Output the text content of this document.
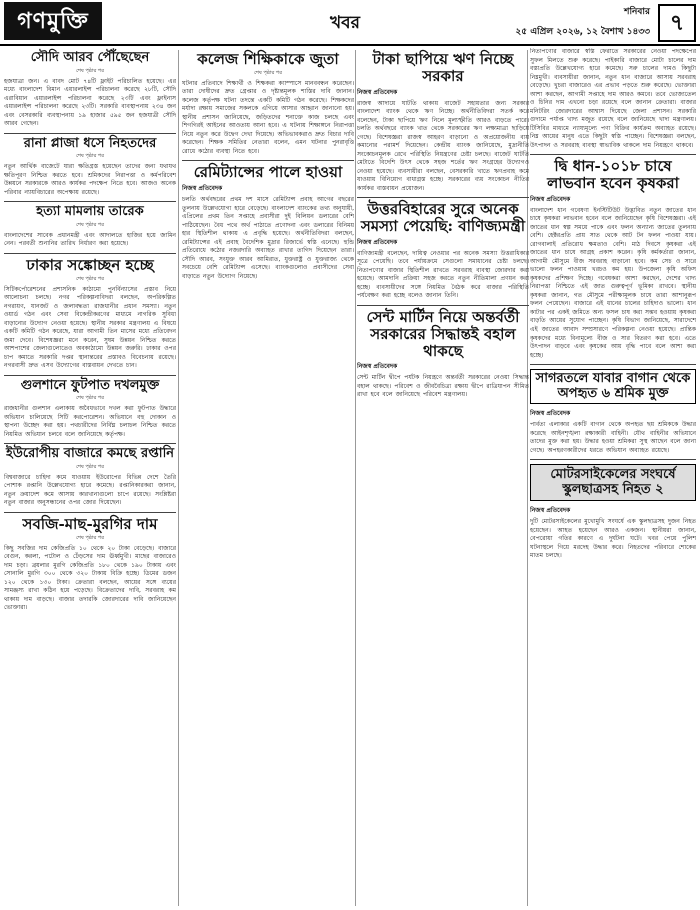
গণমুক্তি	খবর
শনিবার
২৫ এপ্রিল ২০২৬, ১২ বৈশাখ ১৪৩৩ ৭
সৌদি আরব পৌঁছেছেন
শেষ পৃষ্ঠার পর
হজযাত্রা জন। এ বাবদ মোট ৭৪টি ফ্লাইট পরিচালিত হয়েছে। এর মধ্যে বাংলাদেশ বিমান এয়ারলাইন্স পরিচালনা করেছে ২৮টি, সৌদি এরাবিয়ান এয়ারলাইন্স পরিচালনা করেছে ২৩টি এবং ফ্লাইনাস এয়ারলাইন্স পরিচালনা করেছে ২৩টি। সরকারি ব্যবস্থাপনায় ২৩৪ জন এবং বেসরকারি ব্যবস্থাপনায় ১৯ হাজার ৫৯৫ জন হজযাত্রী সৌদি আরব গেছেন।
রানা প্লাজা ধসে নিহতদের
শেষ পৃষ্ঠার পর
নতুন আর্থিক বাজেটে যারা ক্ষতিগ্রস্ত হয়েছেন তাদের জন্য যথাযথ ক্ষতিপূরণ নিশ্চিত করতে হবে। শ্রমিকদের নিরাপত্তা ও কর্মপরিবেশ উন্নয়নে সরকারকে আরও কার্যকর পদক্ষেপ নিতে হবে। আজও অনেক পরিবার ন্যায়বিচারের অপেক্ষায় রয়েছে।
হত্যা মামলায় তারেক
শেষ পৃষ্ঠার পর
বাংলাদেশের সাবেক প্রধানমন্ত্রী এবং আদালতে হাজির হয়ে জামিন নেন। পরবর্তী শুনানির তারিখ নির্ধারণ করা হয়েছে।
ঢাকার সঙ্কোচ্ছন হচ্ছে
শেষ পৃষ্ঠার পর
সিটিকর্পোরেশনের প্রশাসনিক কাঠামো পুনর্বিন্যাসের প্রস্তাব নিয়ে আলোচনা চলছে। নগর পরিকল্পনাবিদরা বলছেন, অপরিকল্পিত নগরায়ণ, যানজট ও জলাবদ্ধতা রাজধানীর প্রধান সমস্যা। নতুন ওয়ার্ড গঠন এবং সেবা বিকেন্দ্রীকরণের মাধ্যমে নাগরিক সুবিধা বাড়ানোর উদ্যোগ নেওয়া হয়েছে। স্থানীয় সরকার মন্ত্রণালয় এ বিষয়ে একটি কমিটি গঠন করেছে, যারা আগামী তিন মাসের মধ্যে প্রতিবেদন জমা দেবে। বিশেষজ্ঞরা মনে করেন, সুষম উন্নয়ন নিশ্চিত করতে আশপাশের জেলাগুলোতেও অবকাঠামো উন্নয়ন জরুরি। ঢাকার ওপর চাপ কমাতে সরকারি দপ্তর স্থানান্তরের প্রস্তাবও বিবেচনায় রয়েছে। নগরবাসী দ্রুত এসব উদ্যোগের বাস্তবায়ন দেখতে চান।
গুলশানে ফুটপাত দখলমুক্ত
শেষ পৃষ্ঠার পর
রাজধানীর গুলশান এলাকায় অবৈধভাবে দখল করা ফুটপাত উদ্ধারে অভিযান চালিয়েছে সিটি করপোরেশন। অভিযানে বহু দোকান ও স্থাপনা উচ্ছেদ করা হয়। পথচারীদের নির্বিঘ্ন চলাচল নিশ্চিত করতে নিয়মিত অভিযান চলবে বলে জানিয়েছে কর্তৃপক্ষ।
ইউরোপীয় বাজারে কমছে রপ্তানি
শেষ পৃষ্ঠার পর
বিশ্ববাজারে চাহিদা কমে যাওয়ায় ইউরোপের বিভিন্ন দেশে তৈরি পোশাক রপ্তানি উল্লেখযোগ্য হারে কমেছে। রপ্তানিকারকরা জানান, নতুন ক্রয়াদেশ কমে আসায় কারখানাগুলো চাপে রয়েছে। সংশ্লিষ্টরা নতুন বাজার অনুসন্ধানের ওপর জোর দিয়েছেন।
সবজি-মাছ-মুরগির দাম
শেষ পৃষ্ঠার পর
কিছু সবজির দাম কেজিপ্রতি ১০ থেকে ২০ টাকা বেড়েছে। বাজারে বেগুন, করলা, পটোল ও ঢেঁড়সের দাম ঊর্ধ্বমুখী। মাছের বাজারেও দাম চড়া। ব্রয়লার মুরগি কেজিপ্রতি ১৮০ থেকে ১৯০ টাকায় এবং সোনালি মুরগি ৩০০ থেকে ৩২০ টাকায় বিক্রি হচ্ছে। ডিমের ডজন ১২০ থেকে ১৩০ টাকা। ক্রেতারা বলছেন, আয়ের সঙ্গে ব্যয়ের সামঞ্জস্য রাখা কঠিন হয়ে পড়েছে। বিক্রেতাদের দাবি, সরবরাহ কম থাকায় দাম বাড়ছে। বাজার তদারকি জোরদারের দাবি জানিয়েছেন ভোক্তারা।
কলেজ শিক্ষিকাকে জুতা
শেষ পৃষ্ঠার পর
ঘটনার প্রতিবাদে শিক্ষার্থী ও শিক্ষকরা ক্যাম্পাসে মানববন্ধন করেছেন। তারা দোষীদের দ্রুত গ্রেপ্তার ও দৃষ্টান্তমূলক শাস্তির দাবি জানান। কলেজ কর্তৃপক্ষ ঘটনা তদন্তে একটি কমিটি গঠন করেছে। শিক্ষকদের মর্যাদা রক্ষায় সমাজের সকলকে এগিয়ে আসার আহ্বান জানানো হয়। স্থানীয় প্রশাসন জানিয়েছে, জড়িতদের শনাক্তে কাজ চলছে এবং শিগগিরই আইনের আওতায় আনা হবে। এ ঘটনায় শিক্ষাঙ্গনে নিরাপত্তা নিয়ে নতুন করে উদ্বেগ দেখা দিয়েছে। অভিভাবকরাও দ্রুত বিচার দাবি করেছেন। শিক্ষক সমিতির নেতারা বলেন, এমন ঘটনার পুনরাবৃত্তি রোধে কঠোর ব্যবস্থা নিতে হবে।
রেমিট্যান্সের পালে হাওয়া
নিজস্ব প্রতিবেদক
চলতি অর্থবছরের প্রথম দশ মাসে রেমিট্যান্স প্রবাহ আগের বছরের তুলনায় উল্লেখযোগ্য হারে বেড়েছে। বাংলাদেশ ব্যাংকের তথ্য অনুযায়ী, এপ্রিলের প্রথম তিন সপ্তাহে প্রবাসীরা দুই বিলিয়ন ডলারের বেশি পাঠিয়েছেন। বৈধ পথে অর্থ পাঠাতে প্রণোদনা এবং ডলারের বিনিময় হার স্থিতিশীল থাকায় এ প্রবৃদ্ধি হয়েছে। অর্থনীতিবিদরা বলছেন, রেমিট্যান্সের এই প্রবাহ বৈদেশিক মুদ্রার রিজার্ভে স্বস্তি এনেছে। হুন্ডি প্রতিরোধে কঠোর নজরদারি অব্যাহত রাখার তাগিদ দিয়েছেন তারা। সৌদি আরব, সংযুক্ত আরব আমিরাত, যুক্তরাষ্ট্র ও যুক্তরাজ্য থেকে সবচেয়ে বেশি রেমিট্যান্স এসেছে। ব্যাংকগুলোও প্রবাসীদের সেবা বাড়াতে নতুন উদ্যোগ নিয়েছে।
টাকা ছাপিয়ে ঋণ নিচ্ছে সরকার
নিজস্ব প্রতিবেদক
রাজস্ব আদায়ে ঘাটতি থাকায় বাজেট সহায়তার জন্য সরকার বাংলাদেশ ব্যাংক থেকে ঋণ নিচ্ছে। অর্থনীতিবিদরা সতর্ক করে বলেছেন, টাকা ছাপিয়ে ঋণ নিলে মূল্যস্ফীতি আরও বাড়তে পারে। চলতি অর্থবছরে ব্যাংক খাত থেকে সরকারের ঋণ লক্ষ্যমাত্রা ছাড়িয়ে গেছে। বিশেষজ্ঞরা রাজস্ব আহরণ বাড়ানো ও অপ্রয়োজনীয় ব্যয় কমানোর পরামর্শ দিয়েছেন। কেন্দ্রীয় ব্যাংক জানিয়েছে, মুদ্রানীতি সংকোচনমূলক রেখে পরিস্থিতি নিয়ন্ত্রণের চেষ্টা চলছে। বাজেট ঘাটতি মেটাতে বিদেশি উৎস থেকে সহজ শর্তের ঋণ সংগ্রহের উদ্যোগও নেওয়া হয়েছে। ব্যবসায়ীরা বলছেন, বেসরকারি খাতে ঋণপ্রবাহ কমে যাওয়ায় বিনিয়োগ বাধাগ্রস্ত হচ্ছে। সরকারের ব্যয় সংকোচন নীতির কার্যকর বাস্তবায়ন প্রয়োজন।
উত্তরবিহারের সুরে অনেক সমস্যা পেয়েছি: বাণিজ্যমন্ত্রী
নিজস্ব প্রতিবেদক
বাণিজ্যমন্ত্রী বলেছেন, দায়িত্ব নেওয়ার পর অনেক সমস্যা উত্তরাধিকার সূত্রে পেয়েছি। তবে পর্যায়ক্রমে সেগুলো সমাধানের চেষ্টা চলছে। নিত্যপণ্যের বাজার স্থিতিশীল রাখতে সরবরাহ ব্যবস্থা জোরদার করা হয়েছে। আমদানি প্রক্রিয়া সহজ করতে নতুন নীতিমালা প্রণয়ন করা হচ্ছে। ব্যবসায়ীদের সঙ্গে নিয়মিত বৈঠক করে বাজার পরিস্থিতি পর্যবেক্ষণ করা হচ্ছে বলেও জানান তিনি।
সেন্ট মার্টিন নিয়ে অন্তর্বর্তী সরকারের সিদ্ধান্তই বহাল থাকছে
নিজস্ব প্রতিবেদক
সেন্ট মার্টিন দ্বীপে পর্যটক নিয়ন্ত্রণে অন্তর্বর্তী সরকারের নেওয়া সিদ্ধান্ত বহাল থাকছে। পরিবেশ ও জীববৈচিত্র্য রক্ষায় দ্বীপে রাত্রিযাপন সীমিত রাখা হবে বলে জানিয়েছে পরিবেশ মন্ত্রণালয়।
নিত্যপণ্যের বাজারে স্বস্তি ফেরাতে সরকারের নেওয়া পদক্ষেপের সুফল মিলতে শুরু করেছে। পাইকারি বাজারে মোটা চালের দাম বস্তাপ্রতি উল্লেখযোগ্য হারে কমেছে। সরু চালের দামও কিছুটা নিম্নমুখী। ব্যবসায়ীরা জানান, নতুন ধান বাজারে আসায় সরবরাহ বেড়েছে। খুচরা বাজারেও এর প্রভাব পড়তে শুরু করেছে। ভোক্তারা আশা করছেন, আগামী সপ্তাহে দাম আরও কমবে। তবে ভোজ্যতেল ও চিনির দাম এখনো চড়া রয়েছে বলে জানান ক্রেতারা। বাজার মনিটরিং জোরদারের আশ্বাস দিয়েছে জেলা প্রশাসন। সরকারি গুদামে পর্যাপ্ত খাদ্য মজুত রয়েছে বলে জানিয়েছে খাদ্য মন্ত্রণালয়। টিসিবির মাধ্যমে ন্যায্যমূল্যে পণ্য বিক্রির কার্যক্রম অব্যাহত রয়েছে। নিম্ন আয়ের মানুষ এতে কিছুটা স্বস্তি পাচ্ছেন। বিশেষজ্ঞরা বলছেন, উৎপাদন ও সরবরাহ ব্যবস্থা স্বাভাবিক থাকলে দাম নিয়ন্ত্রণে থাকবে।
দ্বি ধান-১০১৮ চাষে লাভবান হবেন কৃষকরা
নিজস্ব প্রতিবেদক
বাংলাদেশ ধান গবেষণা ইনস্টিটিউট উদ্ভাবিত নতুন জাতের ধান চাষে কৃষকরা লাভবান হবেন বলে জানিয়েছেন কৃষি বিশেষজ্ঞরা। এই জাতের ধান স্বল্প সময়ে পাকে এবং ফলন অন্যান্য জাতের তুলনায় বেশি। হেক্টরপ্রতি প্রায় সাত থেকে আট টন ফলন পাওয়া যায়। রোগবালাই প্রতিরোধ ক্ষমতাও বেশি। মাঠ দিবসে কৃষকরা এই জাতের ধান চাষে আগ্রহ প্রকাশ করেন। কৃষি কর্মকর্তারা জানান, আগামী মৌসুমে বীজ সরবরাহ বাড়ানো হবে। কম সেচ ও সারে ভালো ফলন পাওয়ায় খরচও কম হয়। উপজেলা কৃষি অফিস কৃষকদের প্রশিক্ষণ দিচ্ছে। গবেষকরা আশা করছেন, দেশের খাদ্য নিরাপত্তা নিশ্চিতে এই জাত গুরুত্বপূর্ণ ভূমিকা রাখবে। স্থানীয় কৃষকরা জানান, গত মৌসুমে পরীক্ষামূলক চাষে তারা আশানুরূপ ফলন পেয়েছেন। বাজারে এই ধানের চালের চাহিদাও ভালো। ধান কাটার পর একই জমিতে অন্য ফসল চাষ করা সম্ভব হওয়ায় কৃষকরা বাড়তি আয়ের সুযোগ পাচ্ছেন। কৃষি বিভাগ জানিয়েছে, সারাদেশে এই জাতের আবাদ সম্প্রসারণে পরিকল্পনা নেওয়া হয়েছে। প্রান্তিক কৃষকদের মধ্যে বিনামূল্যে বীজ ও সার বিতরণ করা হবে। এতে উৎপাদন বাড়বে এবং কৃষকের আয় বৃদ্ধি পাবে বলে আশা করা হচ্ছে।
সাগরতলে যাবার বাগান থেকে অপহৃত ৬ শ্রমিক মুক্ত
নিজস্ব প্রতিবেদক
পার্বত্য এলাকার একটি বাগান থেকে অপহৃত ছয় শ্রমিককে উদ্ধার করেছে আইনশৃঙ্খলা রক্ষাকারী বাহিনী। যৌথ বাহিনীর অভিযানে তাদের মুক্ত করা হয়। উদ্ধার হওয়া শ্রমিকরা সুস্থ আছেন বলে জানা গেছে। অপহরণকারীদের ধরতে অভিযান অব্যাহত রয়েছে।
মোটরসাইকেলের সংঘর্ষে স্কুলছাত্রসহ নিহত ২
নিজস্ব প্রতিবেদক
দুটি মোটরসাইকেলের মুখোমুখি সংঘর্ষে এক স্কুলছাত্রসহ দুজন নিহত হয়েছেন। আহত হয়েছেন আরও একজন। স্থানীয়রা জানান, বেপরোয়া গতির কারণে এ দুর্ঘটনা ঘটে। খবর পেয়ে পুলিশ ঘটনাস্থলে গিয়ে মরদেহ উদ্ধার করে। নিহতদের পরিবারে শোকের মাতম চলছে।
